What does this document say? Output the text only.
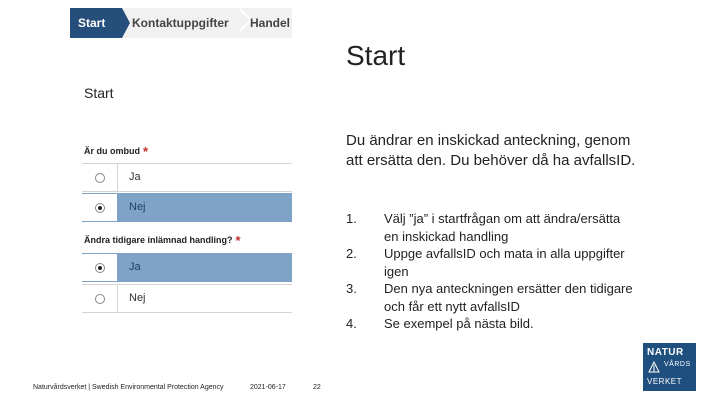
Start	Kontaktuppgifter	Handel
Start
Är du ombud *
Ja
Nej
Ändra tidigare inlämnad handling? *
Ja
Nej
Start

Du ändrar en inskickad anteckning, genom att ersätta den. Du behöver då ha avfallsID.

1. Välj ”ja” i startfrågan om att ändra/ersätta en inskickad handling
2. Uppge avfallsID och mata in alla uppgifter igen
3. Den nya anteckningen ersätter den tidigare och får ett nytt avfallsID
4. Se exempel på nästa bild.
Naturvårdsverket | Swedish Environmental Protection Agency	2021-06-17	22
NATUR
VÅRDS
VERKET
